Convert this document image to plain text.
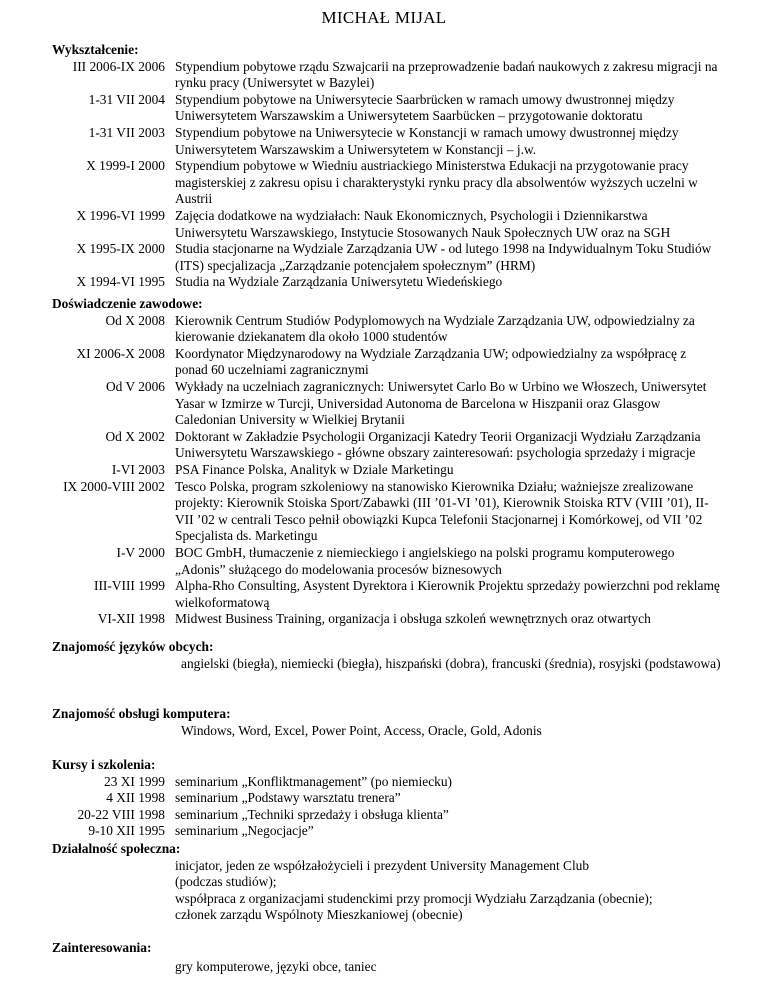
MICHAŁ MIJAL
Wykształcenie:
III 2006-IX 2006 Stypendium pobytowe rządu Szwajcarii na przeprowadzenie badań naukowych z zakresu migracji na rynku pracy (Uniwersytet w Bazylei)
1-31 VII 2004 Stypendium pobytowe na Uniwersytecie Saarbrücken w ramach umowy dwustronnej między Uniwersytetem Warszawskim a Uniwersytetem Saarbücken – przygotowanie doktoratu
1-31 VII 2003 Stypendium pobytowe na Uniwersytecie w Konstancji w ramach umowy dwustronnej między Uniwersytetem Warszawskim a Uniwersytetem w Konstancji – j.w.
X 1999-I 2000 Stypendium pobytowe w Wiedniu austriackiego Ministerstwa Edukacji na przygotowanie pracy magisterskiej z zakresu opisu i charakterystyki rynku pracy dla absolwentów wyższych uczelni w Austrii
X 1996-VI 1999 Zajęcia dodatkowe na wydziałach: Nauk Ekonomicznych, Psychologii i Dziennikarstwa Uniwersytetu Warszawskiego, Instytucie Stosowanych Nauk Społecznych UW oraz na SGH
X 1995-IX 2000 Studia stacjonarne na Wydziale Zarządzania UW - od lutego 1998 na Indywidualnym Toku Studiów (ITS) specjalizacja „Zarządzanie potencjałem społecznym” (HRM)
X 1994-VI 1995 Studia na Wydziale Zarządzania Uniwersytetu Wiedeńskiego
Doświadczenie zawodowe:
Od X 2008 Kierownik Centrum Studiów Podyplomowych na Wydziale Zarządzania UW, odpowiedzialny za kierowanie dziekanatem dla około 1000 studentów
XI 2006-X 2008 Koordynator Międzynarodowy na Wydziale Zarządzania UW; odpowiedzialny za współpracę z ponad 60 uczelniami zagranicznymi
Od V 2006 Wykłady na uczelniach zagranicznych: Uniwersytet Carlo Bo w Urbino we Włoszech, Uniwersytet Yasar w Izmirze w Turcji, Universidad Autonoma de Barcelona w Hiszpanii oraz Glasgow Caledonian University w Wielkiej Brytanii
Od X 2002 Doktorant w Zakładzie Psychologii Organizacji Katedry Teorii Organizacji Wydziału Zarządzania Uniwersytetu Warszawskiego - główne obszary zainteresowań: psychologia sprzedaży i migracje
I-VI 2003 PSA Finance Polska, Analityk w Dziale Marketingu
IX 2000-VIII 2002 Tesco Polska, program szkoleniowy na stanowisko Kierownika Działu; ważniejsze zrealizowane projekty: Kierownik Stoiska Sport/Zabawki (III ’01-VI ’01), Kierownik Stoiska RTV (VIII ’01), II-VII ’02 w centrali Tesco pełnił obowiązki Kupca Telefonii Stacjonarnej i Komórkowej, od VII ’02 Specjalista ds. Marketingu
I-V 2000 BOC GmbH, tłumaczenie z niemieckiego i angielskiego na polski programu komputerowego „Adonis” służącego do modelowania procesów biznesowych
III-VIII 1999 Alpha-Rho Consulting, Asystent Dyrektora i Kierownik Projektu sprzedaży powierzchni pod reklamę wielkoformatową
VI-XII 1998 Midwest Business Training, organizacja i obsługa szkoleń wewnętrznych oraz otwartych
Znajomość języków obcych:
angielski (biegła), niemiecki (biegła), hiszpański (dobra), francuski (średnia), rosyjski (podstawowa)
Znajomość obsługi komputera:
Windows, Word, Excel, Power Point, Access, Oracle, Gold, Adonis
Kursy i szkolenia:
23 XI 1999 seminarium „Konfliktmanagement” (po niemiecku)
4 XII 1998 seminarium „Podstawy warsztatu trenera”
20-22 VIII 1998 seminarium „Techniki sprzedaży i obsługa klienta”
9-10 XII 1995 seminarium „Negocjacje”
Działalność społeczna:
inicjator, jeden ze współzałożycieli i prezydent University Management Club (podczas studiów);
współpraca z organizacjami studenckimi przy promocji Wydziału Zarządzania (obecnie);
członek zarządu Wspólnoty Mieszkaniowej (obecnie)
Zainteresowania:
gry komputerowe, języki obce, taniec
